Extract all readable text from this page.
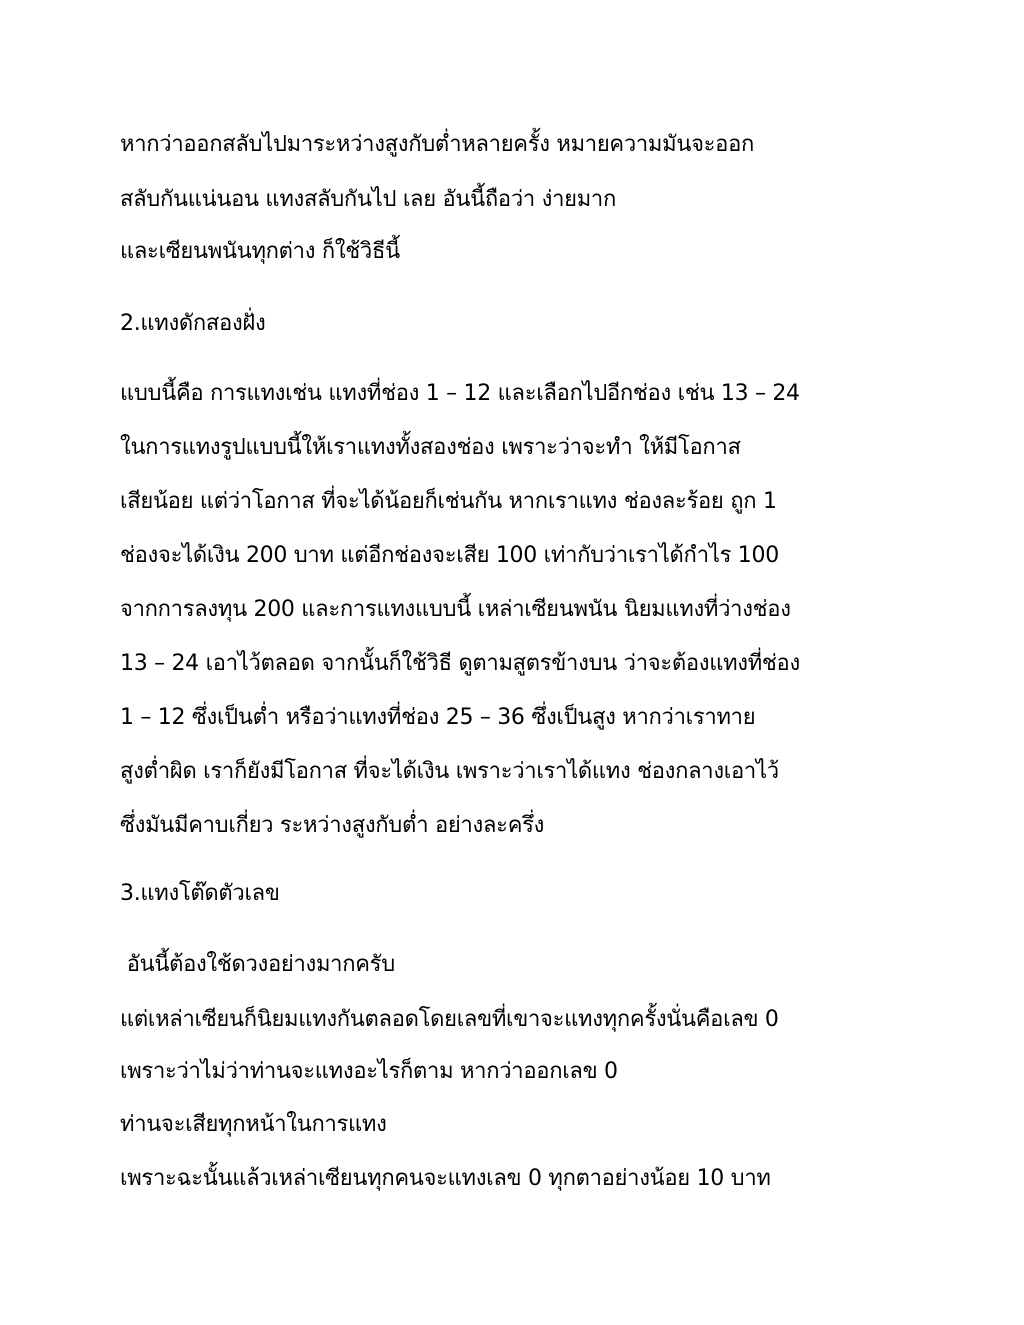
หากว่าออกสลับไปมาระหว่างสูงกับต่ำหลายครั้ง หมายความมันจะออก
สลับกันแน่นอน แทงสลับกันไป เลย อันนี้ถือว่า ง่ายมาก
และเซียนพนันทุกต่าง ก็ใช้วิธีนี้
2.แทงดักสองฝั่ง
แบบนี้คือ การแทงเช่น แทงที่ช่อง 1 – 12 และเลือกไปอีกช่อง เช่น 13 – 24
ในการแทงรูปแบบนี้ให้เราแทงทั้งสองช่อง เพราะว่าจะทำ ให้มีโอกาส
เสียน้อย แต่ว่าโอกาส ที่จะได้น้อยก็เช่นกัน หากเราแทง ช่องละร้อย ถูก 1
ช่องจะได้เงิน 200 บาท แต่อีกช่องจะเสีย 100 เท่ากับว่าเราได้กำไร 100
จากการลงทุน 200 และการแทงแบบนี้ เหล่าเซียนพนัน นิยมแทงที่ว่างช่อง
13 – 24 เอาไว้ตลอด จากนั้นก็ใช้วิธี ดูตามสูตรข้างบน ว่าจะต้องแทงที่ช่อง
1 – 12 ซึ่งเป็นต่ำ หรือว่าแทงที่ช่อง 25 – 36 ซึ่งเป็นสูง หากว่าเราทาย
สูงต่ำผิด เราก็ยังมีโอกาส ที่จะได้เงิน เพราะว่าเราได้แทง ช่องกลางเอาไว้
ซึ่งมันมีคาบเกี่ยว ระหว่างสูงกับต่ำ อย่างละครึ่ง
3.แทงโต๊ดตัวเลข
อันนี้ต้องใช้ดวงอย่างมากครับ
แต่เหล่าเซียนก็นิยมแทงกันตลอดโดยเลขที่เขาจะแทงทุกครั้งนั่นคือเลข 0
เพราะว่าไม่ว่าท่านจะแทงอะไรก็ตาม หากว่าออกเลข 0
ท่านจะเสียทุกหน้าในการแทง
เพราะฉะนั้นแล้วเหล่าเซียนทุกคนจะแทงเลข 0 ทุกตาอย่างน้อย 10 บาท
